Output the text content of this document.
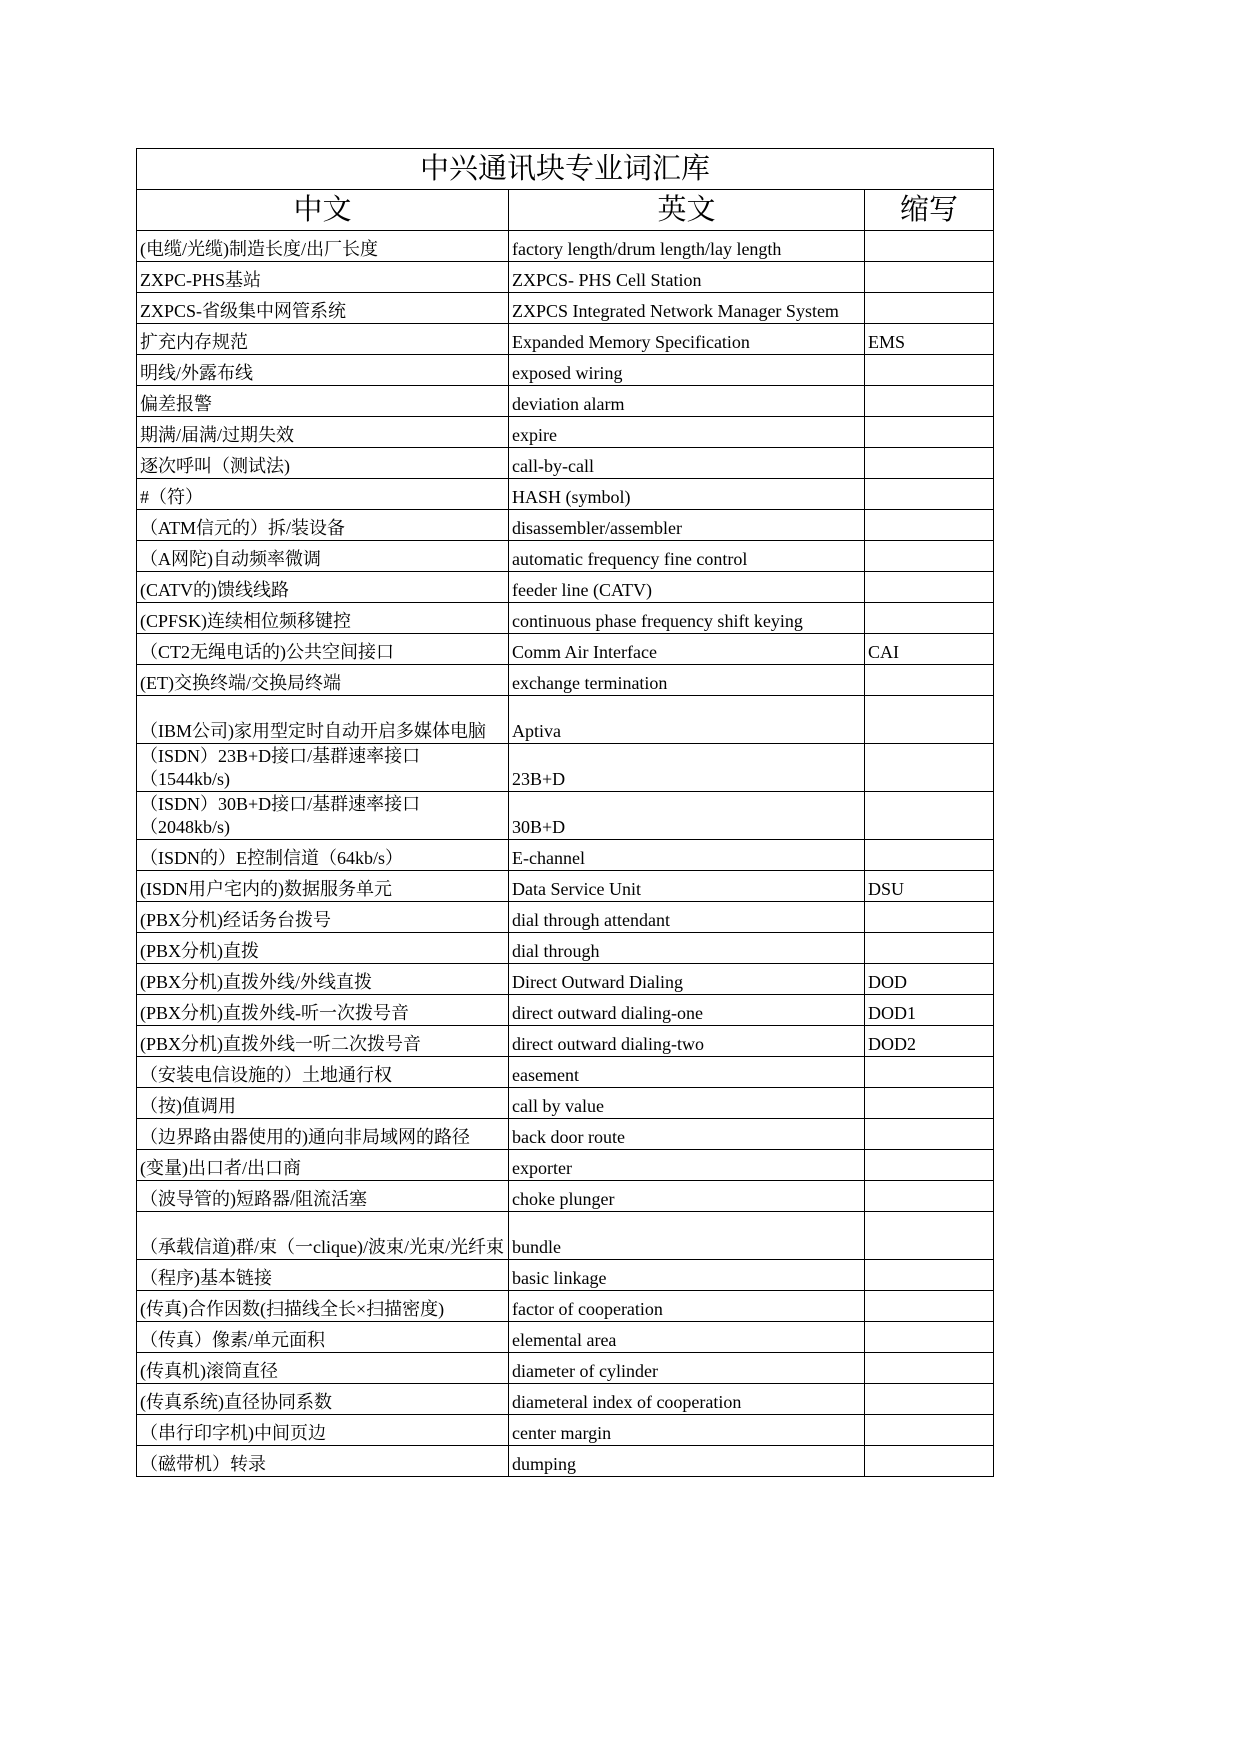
中兴通讯块专业词汇库		
中文	英文	缩写
(电缆/光缆)制造长度/出厂长度	factory length/drum length/lay length	
ZXPC-PHS基站	ZXPCS- PHS Cell Station	
ZXPCS-省级集中网管系统	ZXPCS Integrated Network Manager System	
扩充内存规范	Expanded Memory Specification	EMS
明线/外露布线	exposed wiring	
偏差报警	deviation alarm	
期满/届满/过期失效	expire	
逐次呼叫（测试法)	call-by-call	
#（符）	HASH (symbol)	
（ATM信元的）拆/装设备	disassembler/assembler	
（A网陀)自动频率微调	automatic frequency fine control	
(CATV的)馈线线路	feeder line (CATV)	
(CPFSK)连续相位频移键控	continuous phase frequency shift keying	
（CT2无绳电话的)公共空间接口	Comm Air Interface	CAI
(ET)交换终端/交换局终端	exchange termination	
（IBM公司)家用型定时自动开启多媒体电脑	Aptiva	
（ISDN）23B+D接口/基群速率接口（1544kb/s)	23B+D	
（ISDN）30B+D接口/基群速率接口（2048kb/s)	30B+D	
（ISDN的）E控制信道（64kb/s）	E-channel	
(ISDN用户宅内的)数据服务单元	Data Service Unit	DSU
(PBX分机)经话务台拨号	dial through attendant	
(PBX分机)直拨	dial through	
(PBX分机)直拨外线/外线直拨	Direct Outward Dialing	DOD
(PBX分机)直拨外线-听一次拨号音	direct outward dialing-one	DOD1
(PBX分机)直拨外线一听二次拨号音	direct outward dialing-two	DOD2
（安装电信设施的）土地通行权	easement	
（按)值调用	call by value	
（边界路由器使用的)通向非局域网的路径	back door route	
(变量)出口者/出口商	exporter	
（波导管的)短路器/阻流活塞	choke plunger	
（承载信道)群/束（一clique)/波束/光束/光纤束	bundle	
（程序)基本链接	basic linkage	
(传真)合作因数(扫描线全长×扫描密度)	factor of cooperation	
（传真）像素/单元面积	elemental area	
(传真机)滚筒直径	diameter of cylinder	
(传真系统)直径协同系数	diameteral index of cooperation	
（串行印字机)中间页边	center margin	
（磁带机）转录	dumping	
